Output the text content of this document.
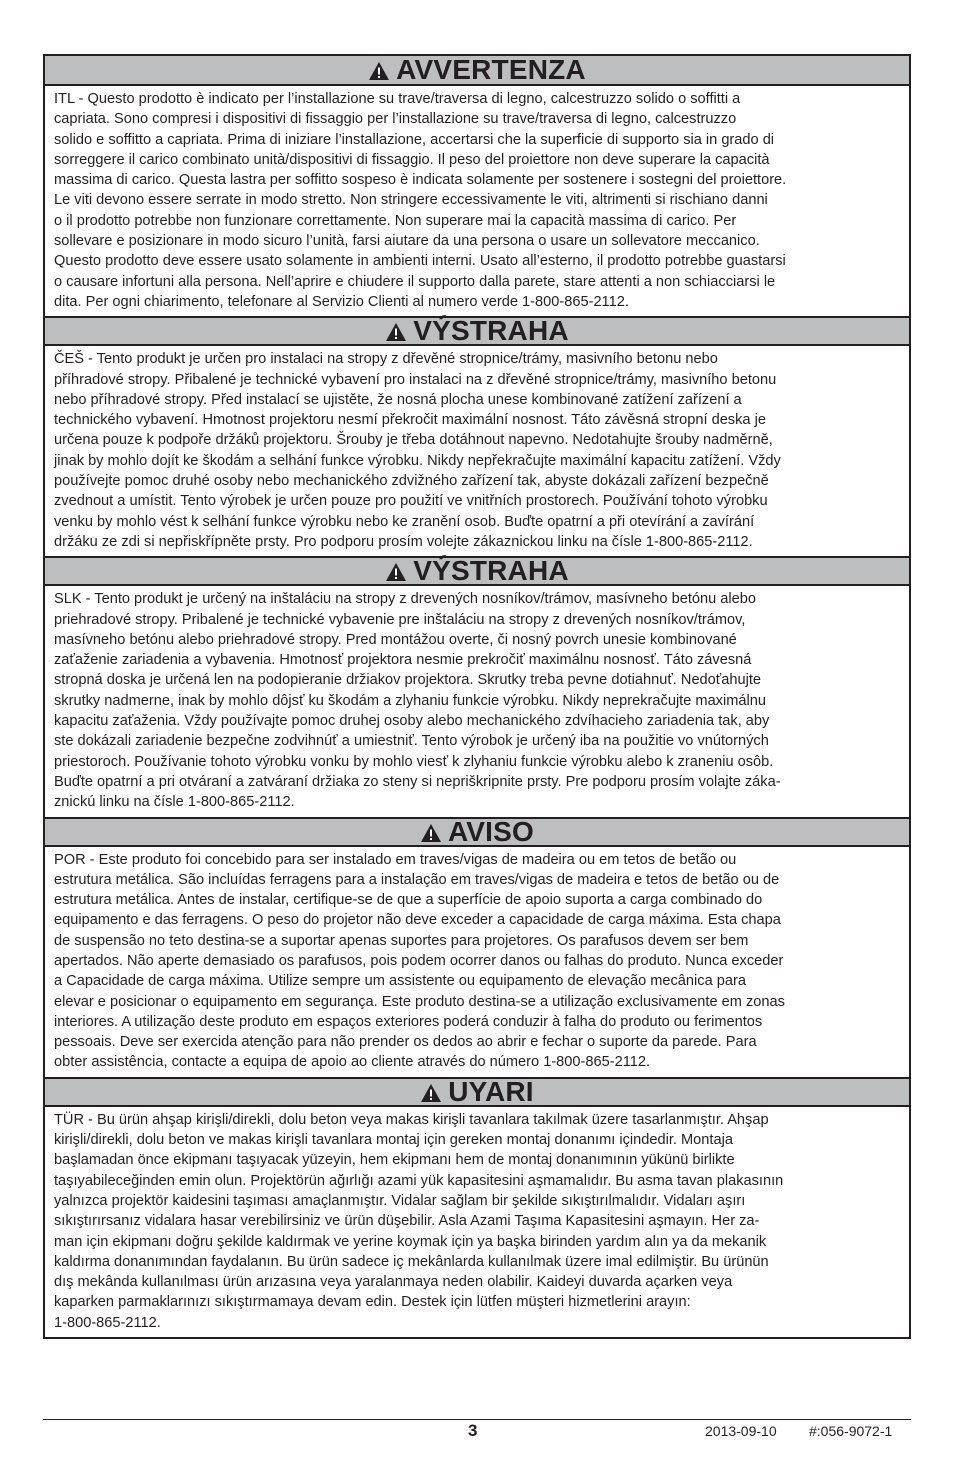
AVVERTENZA
ITL - Questo prodotto è indicato per l’installazione su trave/traversa di legno, calcestruzzo solido o soffitti a
capriata. Sono compresi i dispositivi di fissaggio per l’installazione su trave/traversa di legno, calcestruzzo
solido e soffitto a capriata. Prima di iniziare l’installazione, accertarsi che la superficie di supporto sia in grado di
sorreggere il carico combinato unità/dispositivi di fissaggio. Il peso del proiettore non deve superare la capacità
massima di carico. Questa lastra per soffitto sospeso è indicata solamente per sostenere i sostegni del proiettore.
Le viti devono essere serrate in modo stretto. Non stringere eccessivamente le viti, altrimenti si rischiano danni
o il prodotto potrebbe non funzionare correttamente. Non superare mai la capacità massima di carico. Per
sollevare e posizionare in modo sicuro l’unità, farsi aiutare da una persona o usare un sollevatore meccanico.
Questo prodotto deve essere usato solamente in ambienti interni. Usato all’esterno, il prodotto potrebbe guastarsi
o causare infortuni alla persona. Nell’aprire e chiudere il supporto dalla parete, stare attenti a non schiacciarsi le
dita. Per ogni chiarimento, telefonare al Servizio Clienti al numero verde 1-800-865-2112.
VÝSTRAHA
ČEŠ - Tento produkt je určen pro instalaci na stropy z dřevěné stropnice/trámy, masivního betonu nebo
příhradové stropy. Přibalené je technické vybavení pro instalaci na z dřevěné stropnice/trámy, masivního betonu
nebo příhradové stropy. Před instalací se ujistěte, že nosná plocha unese kombinované zatížení zařízení a
technického vybavení. Hmotnost projektoru nesmí překročit maximální nosnost. Táto závěsná stropní deska je
určena pouze k podpoře držáků projektoru. Šrouby je třeba dotáhnout napevno. Nedotahujte šrouby nadměrně,
jinak by mohlo dojít ke škodám a selhání funkce výrobku. Nikdy nepřekračujte maximální kapacitu zatížení. Vždy
používejte pomoc druhé osoby nebo mechanického zdvižného zařízení tak, abyste dokázali zařízení bezpečně
zvednout a umístit. Tento výrobek je určen pouze pro použití ve vnitřních prostorech. Používání tohoto výrobku
venku by mohlo vést k selhání funkce výrobku nebo ke zranění osob. Buďte opatrní a při otevírání a zavírání
držáku ze zdi si nepřiskřípněte prsty. Pro podporu prosím volejte zákaznickou linku na čísle 1-800-865-2112.
VÝSTRAHA
SLK - Tento produkt je určený na inštaláciu na stropy z drevených nosníkov/trámov, masívneho betónu alebo
priehradové stropy. Pribalené je technické vybavenie pre inštaláciu na stropy z drevených nosníkov/trámov,
masívneho betónu alebo priehradové stropy. Pred montážou overte, či nosný povrch unesie kombinované
zaťaženie zariadenia a vybavenia. Hmotnosť projektora nesmie prekročiť maximálnu nosnosť. Táto závesná
stropná doska je určená len na podopieranie držiakov projektora. Skrutky treba pevne dotiahnuť. Nedoťahujte
skrutky nadmerne, inak by mohlo dôjsť ku škodám a zlyhaniu funkcie výrobku. Nikdy neprekračujte maximálnu
kapacitu zaťaženia. Vždy používajte pomoc druhej osoby alebo mechanického zdvíhacieho zariadenia tak, aby
ste dokázali zariadenie bezpečne zodvihnúť a umiestniť. Tento výrobok je určený iba na použitie vo vnútorných
priestoroch. Používanie tohoto výrobku vonku by mohlo viesť k zlyhaniu funkcie výrobku alebo k zraneniu osôb.
Buďte opatrní a pri otváraní a zatváraní držiaka zo steny si nepriškripnite prsty. Pre podporu prosím volajte záka-
znickú linku na čísle 1-800-865-2112.
AVISO
POR - Este produto foi concebido para ser instalado em traves/vigas de madeira ou em tetos de betão ou
estrutura metálica. São incluídas ferragens para a instalação em traves/vigas de madeira e tetos de betão ou de
estrutura metálica. Antes de instalar, certifique-se de que a superfície de apoio suporta a carga combinado do
equipamento e das ferragens. O peso do projetor não deve exceder a capacidade de carga máxima. Esta chapa
de suspensão no teto destina-se a suportar apenas suportes para projetores. Os parafusos devem ser bem
apertados. Não aperte demasiado os parafusos, pois podem ocorrer danos ou falhas do produto. Nunca exceder
a Capacidade de carga máxima. Utilize sempre um assistente ou equipamento de elevação mecânica para
elevar e posicionar o equipamento em segurança. Este produto destina-se a utilização exclusivamente em zonas
interiores. A utilização deste produto em espaços exteriores poderá conduzir à falha do produto ou ferimentos
pessoais. Deve ser exercida atenção para não prender os dedos ao abrir e fechar o suporte da parede. Para
obter assistência, contacte a equipa de apoio ao cliente através do número 1-800-865-2112.
UYARI
TÜR - Bu ürün ahşap kirişli/direkli, dolu beton veya makas kirişli tavanlara takılmak üzere tasarlanmıştır. Ahşap
kirişli/direkli, dolu beton ve makas kirişli tavanlara montaj için gereken montaj donanımı içindedir. Montaja
başlamadan önce ekipmanı taşıyacak yüzeyin, hem ekipmanı hem de montaj donanımının yükünü birlikte
taşıyabileceğinden emin olun. Projektörün ağırlığı azami yük kapasitesini aşmamalıdır. Bu asma tavan plakasının
yalnızca projektör kaidesini taşıması amaçlanmıştır. Vidalar sağlam bir şekilde sıkıştırılmalıdır. Vidaları aşırı
sıkıştırırsanız vidalara hasar verebilirsiniz ve ürün düşebilir. Asla Azami Taşıma Kapasitesini aşmayın. Her za-
man için ekipmanı doğru şekilde kaldırmak ve yerine koymak için ya başka birinden yardım alın ya da mekanik
kaldırma donanımından faydalanın. Bu ürün sadece iç mekânlarda kullanılmak üzere imal edilmiştir. Bu ürünün
dış mekânda kullanılması ürün arızasına veya yaralanmaya neden olabilir. Kaideyi duvarda açarken veya
kaparken parmaklarınızı sıkıştırmamaya devam edin. Destek için lütfen müşteri hizmetlerini arayın:
1-800-865-2112.
3	2013-09-10 #:056-9072-1
